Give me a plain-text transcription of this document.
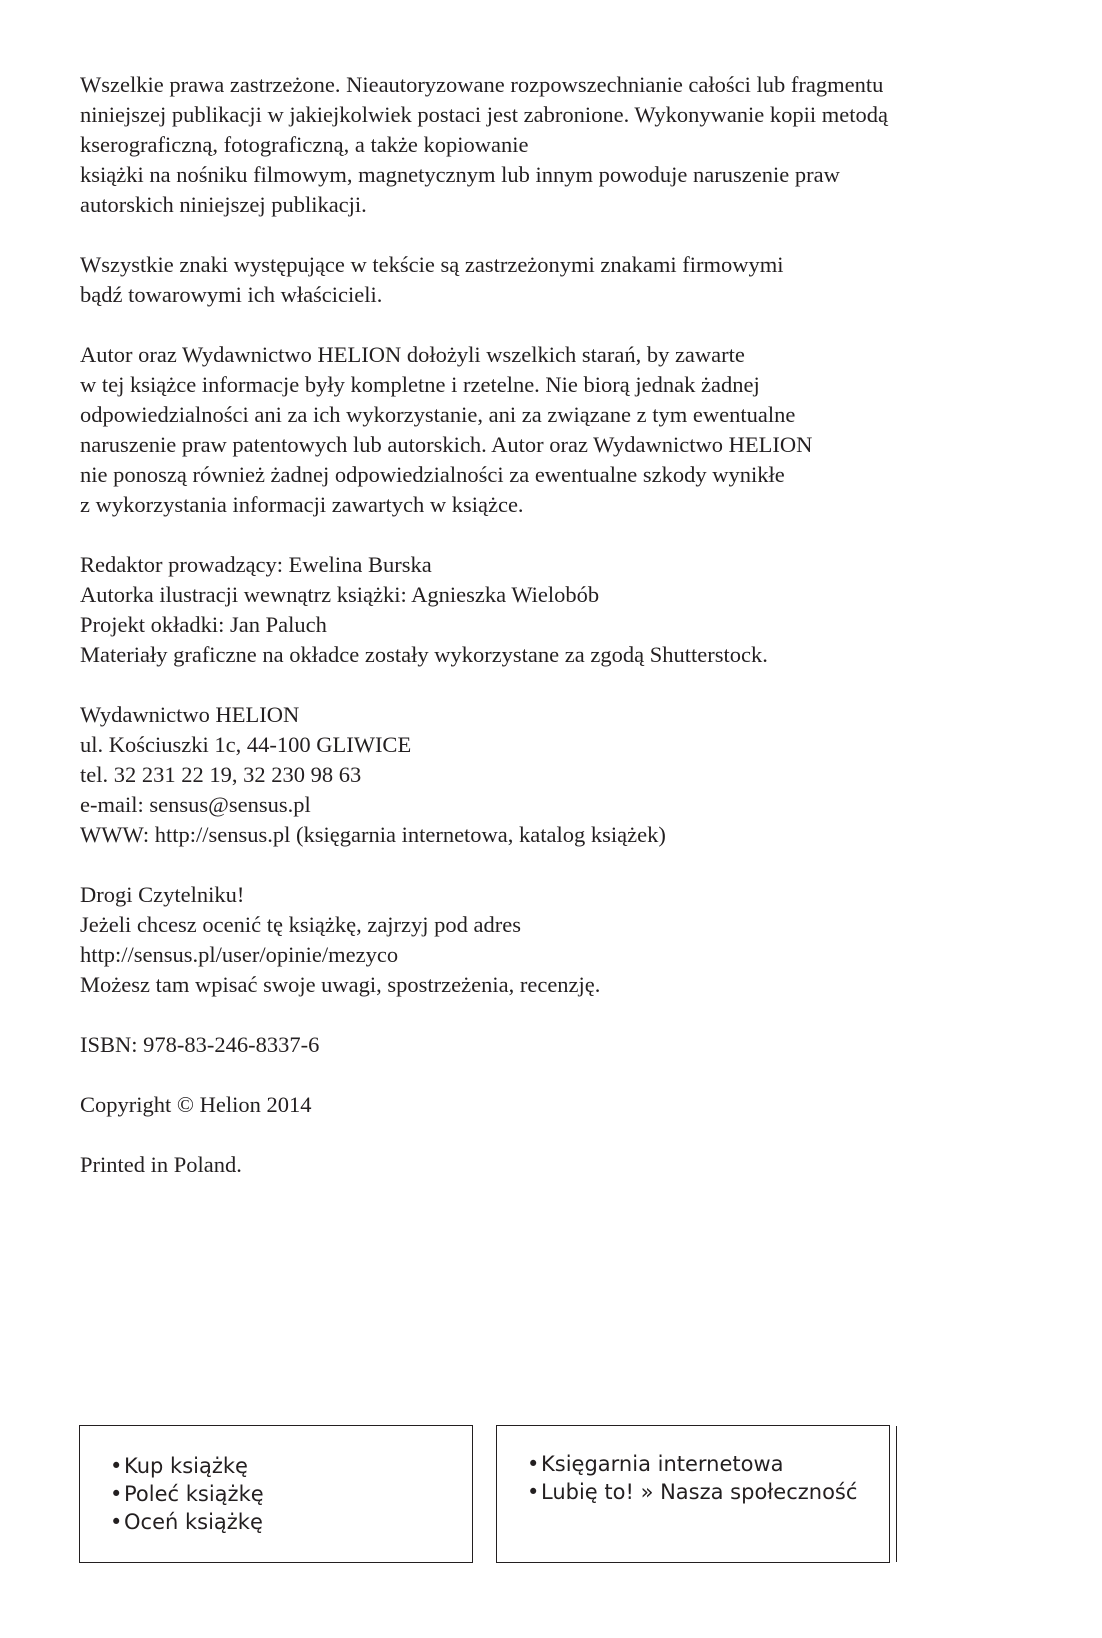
Wszelkie prawa zastrzeżone. Nieautoryzowane rozpowszechnianie całości lub fragmentu
niniejszej publikacji w jakiejkolwiek postaci jest zabronione. Wykonywanie kopii metodą
kserograficzną, fotograficzną, a także kopiowanie
książki na nośniku filmowym, magnetycznym lub innym powoduje naruszenie praw
autorskich niniejszej publikacji.
Wszystkie znaki występujące w tekście są zastrzeżonymi znakami firmowymi
bądź towarowymi ich właścicieli.
Autor oraz Wydawnictwo HELION dołożyli wszelkich starań, by zawarte
w tej książce informacje były kompletne i rzetelne. Nie biorą jednak żadnej
odpowiedzialności ani za ich wykorzystanie, ani za związane z tym ewentualne
naruszenie praw patentowych lub autorskich. Autor oraz Wydawnictwo HELION
nie ponoszą również żadnej odpowiedzialności za ewentualne szkody wynikłe
z wykorzystania informacji zawartych w książce.
Redaktor prowadzący: Ewelina Burska
Autorka ilustracji wewnątrz książki: Agnieszka Wielobób
Projekt okładki: Jan Paluch
Materiały graficzne na okładce zostały wykorzystane za zgodą Shutterstock.
Wydawnictwo HELION
ul. Kościuszki 1c, 44-100 GLIWICE
tel. 32 231 22 19, 32 230 98 63
e-mail: sensus@sensus.pl
WWW: http://sensus.pl (księgarnia internetowa, katalog książek)
Drogi Czytelniku!
Jeżeli chcesz ocenić tę książkę, zajrzyj pod adres
http://sensus.pl/user/opinie/mezyco
Możesz tam wpisać swoje uwagi, spostrzeżenia, recenzję.
ISBN: 978-83-246-8337-6
Copyright © Helion 2014
Printed in Poland.
•Kup książkę
•Poleć książkę
•Oceń książkę
•Księgarnia internetowa
•Lubię to! » Nasza społeczność
